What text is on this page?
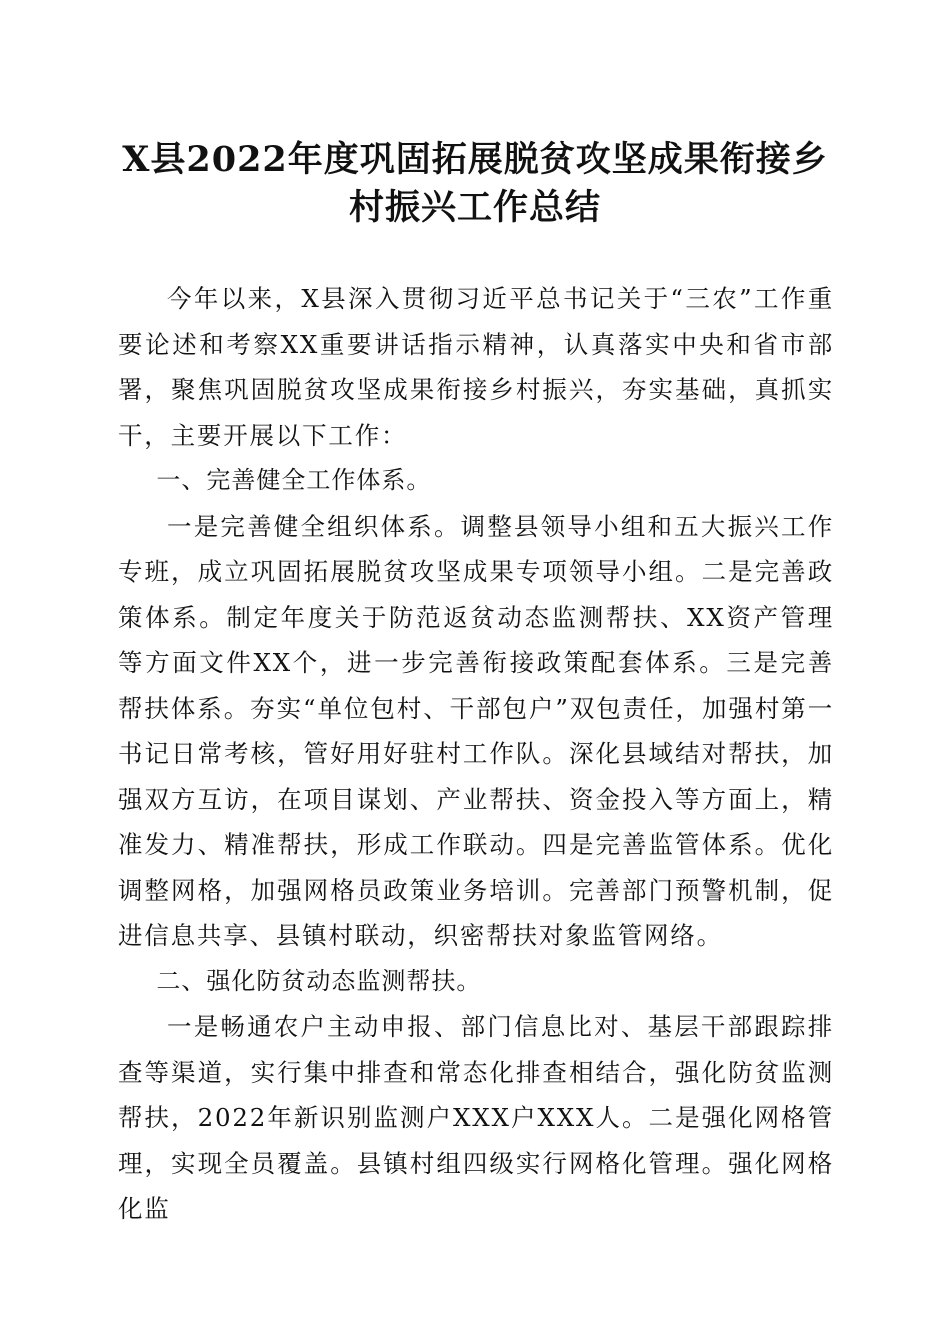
X县2022年度巩固拓展脱贫攻坚成果衔接乡
村振兴工作总结

今年以来，X县深入贯彻习近平总书记关于“三农”工作重要论述和考察XX重要讲话指示精神，认真落实中央和省市部署，聚焦巩固脱贫攻坚成果衔接乡村振兴，夯实基础，真抓实干，主要开展以下工作：

一、完善健全工作体系。

一是完善健全组织体系。调整县领导小组和五大振兴工作专班，成立巩固拓展脱贫攻坚成果专项领导小组。二是完善政策体系。制定年度关于防范返贫动态监测帮扶、XX资产管理等方面文件XX个，进一步完善衔接政策配套体系。三是完善帮扶体系。夯实“单位包村、干部包户”双包责任，加强村第一书记日常考核，管好用好驻村工作队。深化县域结对帮扶，加强双方互访，在项目谋划、产业帮扶、资金投入等方面上，精准发力、精准帮扶，形成工作联动。四是完善监管体系。优化调整网格，加强网格员政策业务培训。完善部门预警机制，促进信息共享、县镇村联动，织密帮扶对象监管网络。

二、强化防贫动态监测帮扶。

一是畅通农户主动申报、部门信息比对、基层干部跟踪排查等渠道，实行集中排查和常态化排查相结合，强化防贫监测帮扶，2022年新识别监测户XXX户XXX人。二是强化网格管理，实现全员覆盖。县镇村组四级实行网格化管理。强化网格化监
